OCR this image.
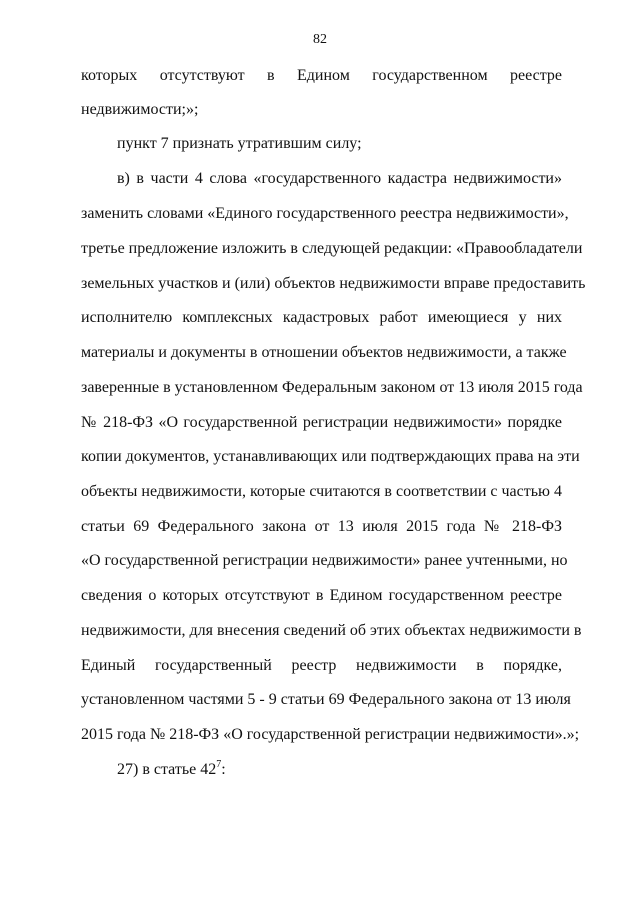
82
которых отсутствуют в Едином государственном реестре
недвижимости;»;
пункт 7 признать утратившим силу;
в) в части 4 слова «государственного кадастра недвижимости»
заменить словами «Единого государственного реестра недвижимости»,
третье предложение изложить в следующей редакции: «Правообладатели
земельных участков и (или) объектов недвижимости вправе предоставить
исполнителю комплексных кадастровых работ имеющиеся у них
материалы и документы в отношении объектов недвижимости, а также
заверенные в установленном Федеральным законом от 13 июля 2015 года
№ 218-ФЗ «О государственной регистрации недвижимости» порядке
копии документов, устанавливающих или подтверждающих права на эти
объекты недвижимости, которые считаются в соответствии с частью 4
статьи 69 Федерального закона от 13 июля 2015 года № 218-ФЗ
«О государственной регистрации недвижимости» ранее учтенными, но
сведения о которых отсутствуют в Едином государственном реестре
недвижимости, для внесения сведений об этих объектах недвижимости в
Единый государственный реестр недвижимости в порядке,
установленном частями 5 - 9 статьи 69 Федерального закона от 13 июля
2015 года № 218-ФЗ «О государственной регистрации недвижимости».»;
27) в статье $42^7$:
